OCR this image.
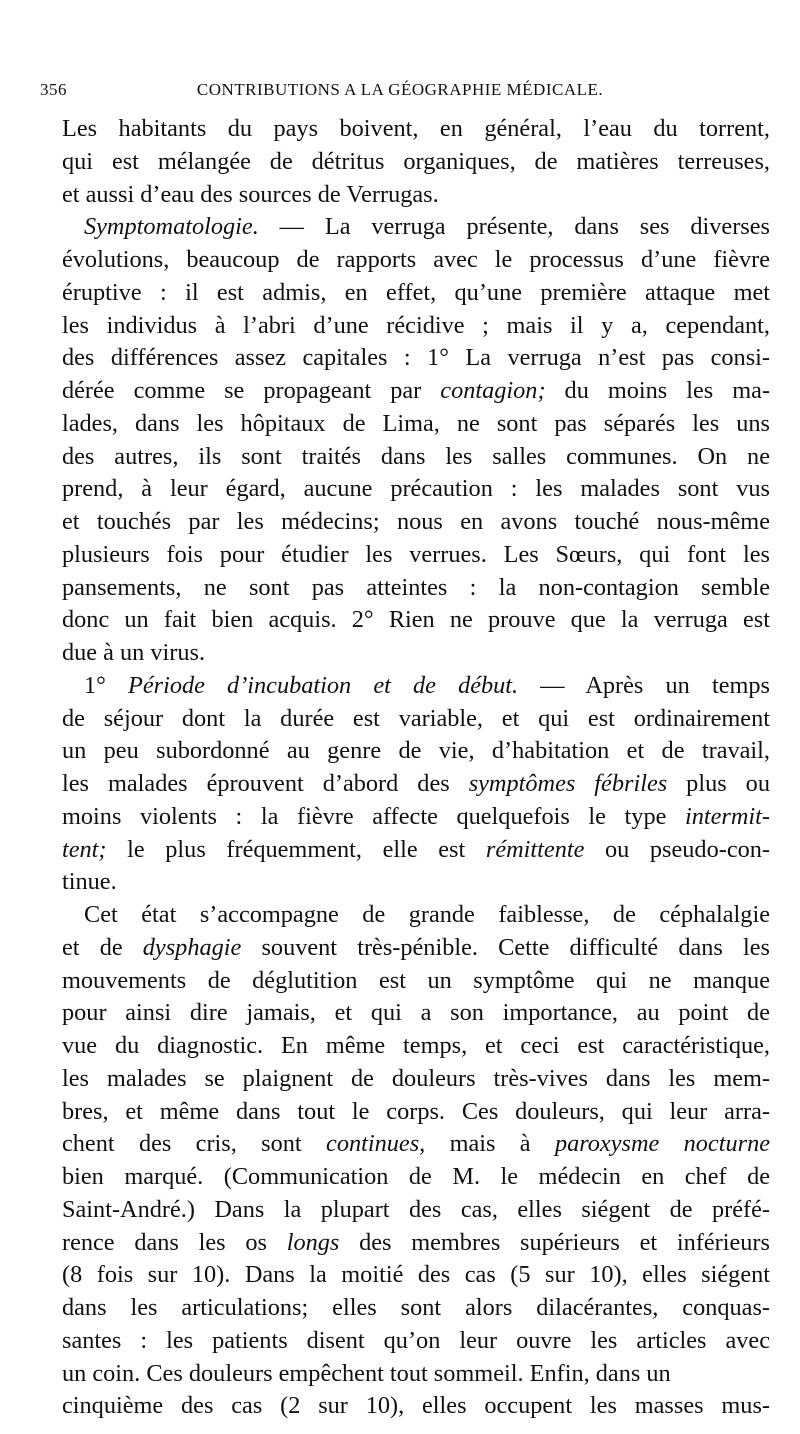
356	CONTRIBUTIONS A LA GÉOGRAPHIE MÉDICALE.
Les habitants du pays boivent, en général, l’eau du torrent,
qui est mélangée de détritus organiques, de matières terreuses,
et aussi d’eau des sources de Verrugas.
Symptomatologie. — La verruga présente, dans ses diverses
évolutions, beaucoup de rapports avec le processus d’une fièvre
éruptive : il est admis, en effet, qu’une première attaque met
les individus à l’abri d’une récidive ; mais il y a, cependant,
des différences assez capitales : 1° La verruga n’est pas consi-
dérée comme se propageant par contagion; du moins les ma-
lades, dans les hôpitaux de Lima, ne sont pas séparés les uns
des autres, ils sont traités dans les salles communes. On ne
prend, à leur égard, aucune précaution : les malades sont vus
et touchés par les médecins; nous en avons touché nous-même
plusieurs fois pour étudier les verrues. Les Sœurs, qui font les
pansements, ne sont pas atteintes : la non-contagion semble
donc un fait bien acquis. 2° Rien ne prouve que la verruga est
due à un virus.
1° Période d’incubation et de début. — Après un temps
de séjour dont la durée est variable, et qui est ordinairement
un peu subordonné au genre de vie, d’habitation et de travail,
les malades éprouvent d’abord des symptômes fébriles plus ou
moins violents : la fièvre affecte quelquefois le type intermit-
tent; le plus fréquemment, elle est rémittente ou pseudo-con-
tinue.
Cet état s’accompagne de grande faiblesse, de céphalalgie
et de dysphagie souvent très-pénible. Cette difficulté dans les
mouvements de déglutition est un symptôme qui ne manque
pour ainsi dire jamais, et qui a son importance, au point de
vue du diagnostic. En même temps, et ceci est caractéristique,
les malades se plaignent de douleurs très-vives dans les mem-
bres, et même dans tout le corps. Ces douleurs, qui leur arra-
chent des cris, sont continues, mais à paroxysme nocturne
bien marqué. (Communication de M. le médecin en chef de
Saint-André.) Dans la plupart des cas, elles siégent de préfé-
rence dans les os longs des membres supérieurs et inférieurs
(8 fois sur 10). Dans la moitié des cas (5 sur 10), elles siégent
dans les articulations; elles sont alors dilacérantes, conquas-
santes : les patients disent qu’on leur ouvre les articles avec
un coin. Ces douleurs empêchent tout sommeil. Enfin, dans un
cinquième des cas (2 sur 10), elles occupent les masses mus-
